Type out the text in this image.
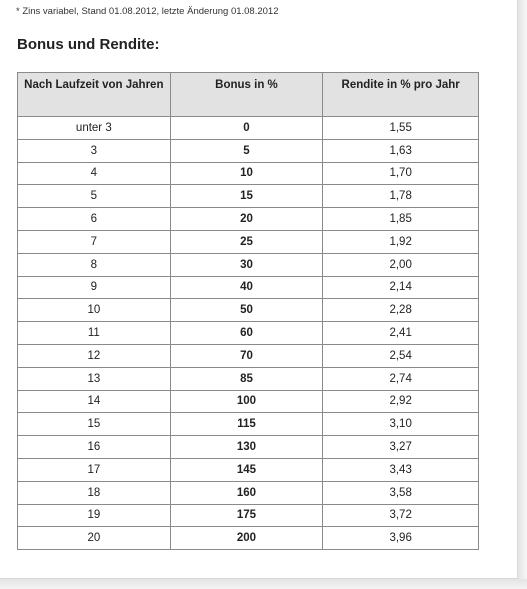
* Zins variabel, Stand 01.08.2012, letzte Änderung 01.08.2012
Bonus und Rendite:
Nach Laufzeit von Jahren	Bonus in %	Rendite in % pro Jahr
unter 3	0	1,55
3	5	1,63
4	10	1,70
5	15	1,78
6	20	1,85
7	25	1,92
8	30	2,00
9	40	2,14
10	50	2,28
11	60	2,41
12	70	2,54
13	85	2,74
14	100	2,92
15	115	3,10
16	130	3,27
17	145	3,43
18	160	3,58
19	175	3,72
20	200	3,96
